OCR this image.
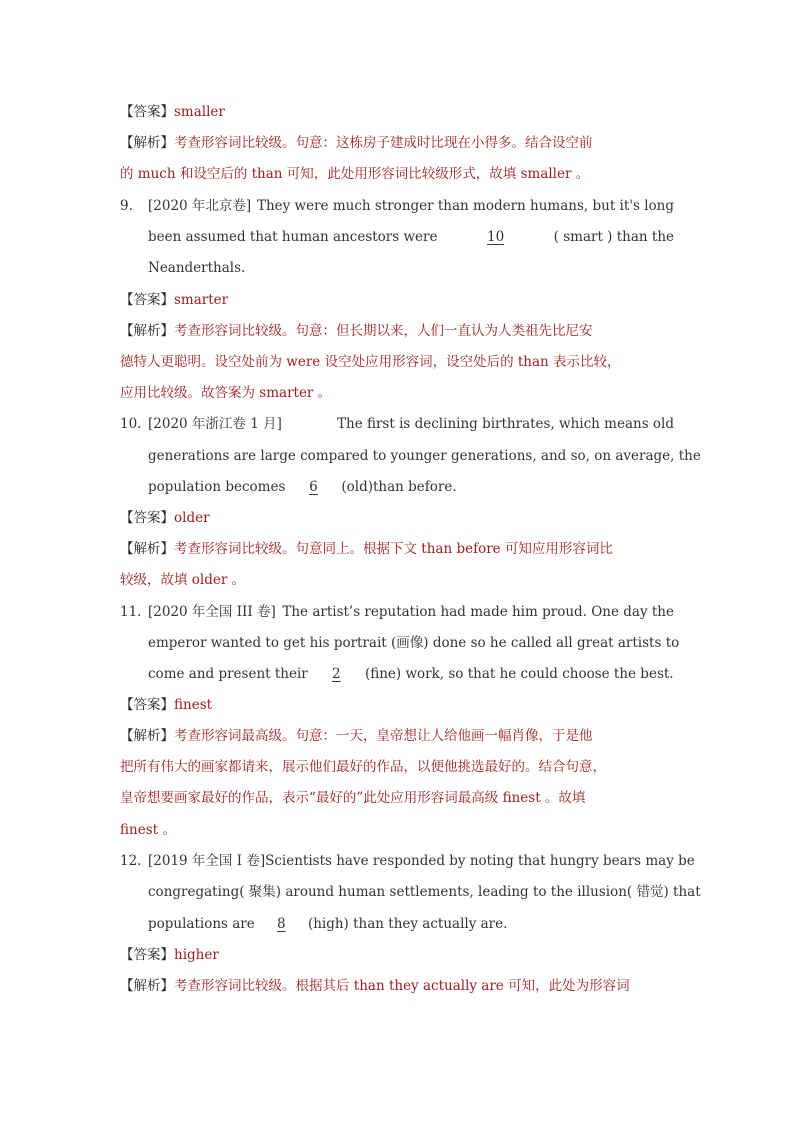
【答案】smaller
【解析】考查形容词比较级。句意：这栋房子建成时比现在小得多。结合设空前
的 much 和设空后的 than 可知，此处用形容词比较级形式，故填 smaller 。
9. [2020 年北京卷] They were much stronger than modern humans, but it's long
been assumed that human ancestors were	10	( smart ) than the
Neanderthals.
【答案】smarter
【解析】考查形容词比较级。句意：但长期以来，人们一直认为人类祖先比尼安
德特人更聪明。设空处前为 were 设空处应用形容词，设空处后的 than 表示比较，
应用比较级。故答案为 smarter 。
10. [2020 年浙江卷 1 月]	The first is declining birthrates, which means old
generations are large compared to younger generations, and so, on average, the
population becomes 6 (old)than before.
【答案】older
【解析】考查形容词比较级。句意同上。根据下文 than before 可知应用形容词比
较级，故填 older 。
11. [2020 年全国 III 卷] The artist’s reputation had made him proud. One day the
emperor wanted to get his portrait (画像) done so he called all great artists to
come and present their 2 (fine) work, so that he could choose the best.
【答案】finest
【解析】考查形容词最高级。句意：一天，皇帝想让人给他画一幅肖像，于是他
把所有伟大的画家都请来，展示他们最好的作品，以便他挑选最好的。结合句意，
皇帝想要画家最好的作品，表示“最好的”此处应用形容词最高级 finest 。故填
finest 。
12. [2019 年全国 I 卷] Scientists have responded by noting that hungry bears may be
congregating( 聚集) around human settlements, leading to the illusion( 错觉) that
populations are 8 (high) than they actually are.
【答案】higher
【解析】考查形容词比较级。根据其后 than they actually are 可知，此处为形容词
